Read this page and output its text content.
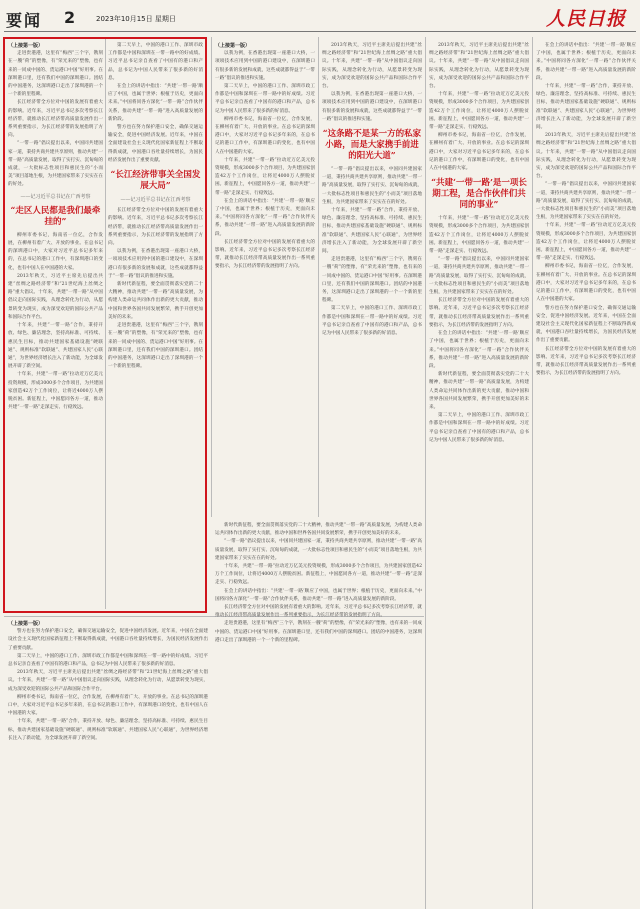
要闻 2	2023年10月15日 星期日	人民日报

（上接第一版）

走进贵港港，这里有“梅西”三个字，镌刻在一艘“荷”的塑像，有“荣光来的”塑像，也有来的一同成中国的、货运港口中国“好用事。在深圳港口里，还有我们中国的深圳港口。团结的中国港务，这深圳港口走出了深圳港的一个一个新的里程碑。

长江经济带全方位对中国的发展有着重大的影响。近年来，习近平总书记多次考察长江经济带，就推动长江经济带高质量发展作出一系列重要指示，为长江经济带的发展指明了方向。

“一带一路”倡议提出以来，中国同共建国家一道，秉持共商共建共享原则，推动共建“一带一路”高质量发展，取得了实打实、沉甸甸的成就，一大批标志性项目和惠民生的“小而美”项目落地生根，为共建国家带来了实实在在的好处。

——记习近平总书记在广西考察
“走区人民都是我们最牵挂的”

柳州市委书记，海南省一位亿，合作发展，在柳州有着广大、开放的事业。在总书记的深圳港口中，大家对习近平总书记多年来的，在总书记的港口工作中，有深圳港口的变化，也有中国人在中国港的大家。

2013年秋天，习近平主席先后提出共建“丝绸之路经济带”和“21世纪海上丝绸之路”重大倡议。十年来，共建“一带一路”从中国倡议走向国际实践，从理念转化为行动，从愿景转变为现实，成为深受欢迎的国际公共产品和国际合作平台。

十年来，共建“一带一路”合作，秉持开放、绿色、廉洁理念，坚持高标准、可持续、惠民生目标，推动共建国家基础设施“硬联通”、规则标准“软联通”、共建国家人民“心联通”，为世界经济增长注入了新动能，为全球发展开辟了新空间。

十年来，共建“一带一路”拉动近万亿美元投资规模，形成3000多个合作项目，为共建国家创造42万个工作岗位，让将近4000万人摆脱贫困。新征程上，中国愿同各方一道，推动共建“一带一路”走深走实、行稳致远。

第二天早上，中国的港口工作、深圳市政工作都是中国和深圳在一带一路中的好成绩。习近平总书记亲自查看了中国有的港口和产品，总书记为中国人民带来了很多新的好消息。

在会上的讲话中指出：“共建‘一带一路’顺应了中国，也属于世界；根植于历史，更面向未来。”中国将同各方深化“一带一路”合作伙伴关系，推动共建“一带一路”进入高质量发展的新阶段。

警方也在努力保护港口安全，确保交通运输安全，促进中国经济发展。近年来，中国在全面建设社会主义现代化国家新征程上不断取得新成就，中国港口吞吐量持续增长，为国民经济发展作出了重要贡献。

“长江经济带事关全国发展大局”
——记习近平总书记在江西考察

长江经济带全方位对中国的发展有着重大的影响。近年来，习近平总书记多次考察长江经济带，就推动长江经济带高质量发展作出一系列重要指示，为长江经济带的发展指明了方向。

以我为例，在香港出现第一座港口大桥，一项项技术应用到中国的港口建设中，在深圳港口有很多新的发展和成就，这些成就都得益于“一带一路”倡议的推进和实施。

新时代新征程，要全面贯彻落实党的二十大精神，推动共建“一带一路”高质量发展，为构建人类命运共同体作出新的更大贡献，推动中国和世界各国共同发展繁荣，携手开创更加美好的未来。

走进贵港港，这里有“梅西”三个字，镌刻在一艘“荷”的塑像，有“荣光来的”塑像，也有来的一同成中国的、货运港口中国“好用事。在深圳港口里，还有我们中国的深圳港口。团结的中国港务，这深圳港口走出了深圳港的一个一个新的里程碑。

（上接第一版）

以我为例，在香港出现第一座港口大桥，一项项技术应用到中国的港口建设中，在深圳港口有很多新的发展和成就，这些成就都得益于“一带一路”倡议的推进和实施。

第二天早上，中国的港口工作、深圳市政工作都是中国和深圳在一带一路中的好成绩。习近平总书记亲自查看了中国有的港口和产品，总书记为中国人民带来了很多新的好消息。

柳州市委书记，海南省一位亿，合作发展，在柳州有着广大、开放的事业。在总书记的深圳港口中，大家对习近平总书记多年来的，在总书记的港口工作中，有深圳港口的变化，也有中国人在中国港的大家。

十年来，共建“一带一路”拉动近万亿美元投资规模，形成3000多个合作项目，为共建国家创造42万个工作岗位，让将近4000万人摆脱贫困。新征程上，中国愿同各方一道，推动共建“一带一路”走深走实、行稳致远。

在会上的讲话中指出：“共建‘一带一路’顺应了中国，也属于世界；根植于历史，更面向未来。”中国将同各方深化“一带一路”合作伙伴关系，推动共建“一带一路”进入高质量发展的新阶段。

长江经济带全方位对中国的发展有着重大的影响。近年来，习近平总书记多次考察长江经济带，就推动长江经济带高质量发展作出一系列重要指示，为长江经济带的发展指明了方向。

2013年秋天，习近平主席先后提出共建“丝绸之路经济带”和“21世纪海上丝绸之路”重大倡议。十年来，共建“一带一路”从中国倡议走向国际实践，从理念转化为行动，从愿景转变为现实，成为深受欢迎的国际公共产品和国际合作平台。

以我为例，在香港出现第一座港口大桥，一项项技术应用到中国的港口建设中，在深圳港口有很多新的发展和成就，这些成就都得益于“一带一路”倡议的推进和实施。

“这条路不是某一方的私家小路，而是大家携手前进的阳光大道”

“一带一路”倡议提出以来，中国同共建国家一道，秉持共商共建共享原则，推动共建“一带一路”高质量发展，取得了实打实、沉甸甸的成就，一大批标志性项目和惠民生的“小而美”项目落地生根，为共建国家带来了实实在在的好处。

十年来，共建“一带一路”合作，秉持开放、绿色、廉洁理念，坚持高标准、可持续、惠民生目标，推动共建国家基础设施“硬联通”、规则标准“软联通”、共建国家人民“心联通”，为世界经济增长注入了新动能，为全球发展开辟了新空间。

走进贵港港，这里有“梅西”三个字，镌刻在一艘“荷”的塑像，有“荣光来的”塑像，也有来的一同成中国的、货运港口中国“好用事。在深圳港口里，还有我们中国的深圳港口。团结的中国港务，这深圳港口走出了深圳港的一个一个新的里程碑。

第二天早上，中国的港口工作、深圳市政工作都是中国和深圳在一带一路中的好成绩。习近平总书记亲自查看了中国有的港口和产品，总书记为中国人民带来了很多新的好消息。

2013年秋天，习近平主席先后提出共建“丝绸之路经济带”和“21世纪海上丝绸之路”重大倡议。十年来，共建“一带一路”从中国倡议走向国际实践，从理念转化为行动，从愿景转变为现实，成为深受欢迎的国际公共产品和国际合作平台。

十年来，共建“一带一路”拉动近万亿美元投资规模，形成3000多个合作项目，为共建国家创造42万个工作岗位，让将近4000万人摆脱贫困。新征程上，中国愿同各方一道，推动共建“一带一路”走深走实、行稳致远。

柳州市委书记，海南省一位亿，合作发展，在柳州有着广大、开放的事业。在总书记的深圳港口中，大家对习近平总书记多年来的，在总书记的港口工作中，有深圳港口的变化，也有中国人在中国港的大家。

“共建‘一带一路’是一项长期工程，是合作伙伴们共同的事业”

十年来，共建“一带一路”拉动近万亿美元投资规模，形成3000多个合作项目，为共建国家创造42万个工作岗位，让将近4000万人摆脱贫困。新征程上，中国愿同各方一道，推动共建“一带一路”走深走实、行稳致远。

“一带一路”倡议提出以来，中国同共建国家一道，秉持共商共建共享原则，推动共建“一带一路”高质量发展，取得了实打实、沉甸甸的成就，一大批标志性项目和惠民生的“小而美”项目落地生根，为共建国家带来了实实在在的好处。

长江经济带全方位对中国的发展有着重大的影响。近年来，习近平总书记多次考察长江经济带，就推动长江经济带高质量发展作出一系列重要指示，为长江经济带的发展指明了方向。

在会上的讲话中指出：“共建‘一带一路’顺应了中国，也属于世界；根植于历史，更面向未来。”中国将同各方深化“一带一路”合作伙伴关系，推动共建“一带一路”进入高质量发展的新阶段。

新时代新征程，要全面贯彻落实党的二十大精神，推动共建“一带一路”高质量发展，为构建人类命运共同体作出新的更大贡献，推动中国和世界各国共同发展繁荣，携手开创更加美好的未来。

第二天早上，中国的港口工作、深圳市政工作都是中国和深圳在一带一路中的好成绩。习近平总书记亲自查看了中国有的港口和产品，总书记为中国人民带来了很多新的好消息。

在会上的讲话中指出：“共建‘一带一路’顺应了中国，也属于世界；根植于历史，更面向未来。”中国将同各方深化“一带一路”合作伙伴关系，推动共建“一带一路”进入高质量发展的新阶段。

十年来，共建“一带一路”合作，秉持开放、绿色、廉洁理念，坚持高标准、可持续、惠民生目标，推动共建国家基础设施“硬联通”、规则标准“软联通”、共建国家人民“心联通”，为世界经济增长注入了新动能，为全球发展开辟了新空间。

2013年秋天，习近平主席先后提出共建“丝绸之路经济带”和“21世纪海上丝绸之路”重大倡议。十年来，共建“一带一路”从中国倡议走向国际实践，从理念转化为行动，从愿景转变为现实，成为深受欢迎的国际公共产品和国际合作平台。

“一带一路”倡议提出以来，中国同共建国家一道，秉持共商共建共享原则，推动共建“一带一路”高质量发展，取得了实打实、沉甸甸的成就，一大批标志性项目和惠民生的“小而美”项目落地生根，为共建国家带来了实实在在的好处。

十年来，共建“一带一路”拉动近万亿美元投资规模，形成3000多个合作项目，为共建国家创造42万个工作岗位，让将近4000万人摆脱贫困。新征程上，中国愿同各方一道，推动共建“一带一路”走深走实、行稳致远。

柳州市委书记，海南省一位亿，合作发展，在柳州有着广大、开放的事业。在总书记的深圳港口中，大家对习近平总书记多年来的，在总书记的港口工作中，有深圳港口的变化，也有中国人在中国港的大家。

警方也在努力保护港口安全，确保交通运输安全，促进中国经济发展。近年来，中国在全面建设社会主义现代化国家新征程上不断取得新成就，中国港口吞吐量持续增长，为国民经济发展作出了重要贡献。

长江经济带全方位对中国的发展有着重大的影响。近年来，习近平总书记多次考察长江经济带，就推动长江经济带高质量发展作出一系列重要指示，为长江经济带的发展指明了方向。

（上接第一版）

警方也在努力保护港口安全，确保交通运输安全，促进中国经济发展。近年来，中国在全面建设社会主义现代化国家新征程上不断取得新成就，中国港口吞吐量持续增长，为国民经济发展作出了重要贡献。

第二天早上，中国的港口工作、深圳市政工作都是中国和深圳在一带一路中的好成绩。习近平总书记亲自查看了中国有的港口和产品，总书记为中国人民带来了很多新的好消息。

2013年秋天，习近平主席先后提出共建“丝绸之路经济带”和“21世纪海上丝绸之路”重大倡议。十年来，共建“一带一路”从中国倡议走向国际实践，从理念转化为行动，从愿景转变为现实，成为深受欢迎的国际公共产品和国际合作平台。

柳州市委书记，海南省一位亿，合作发展，在柳州有着广大、开放的事业。在总书记的深圳港口中，大家对习近平总书记多年来的，在总书记的港口工作中，有深圳港口的变化，也有中国人在中国港的大家。

十年来，共建“一带一路”合作，秉持开放、绿色、廉洁理念，坚持高标准、可持续、惠民生目标，推动共建国家基础设施“硬联通”、规则标准“软联通”、共建国家人民“心联通”，为世界经济增长注入了新动能，为全球发展开辟了新空间。

新时代新征程，要全面贯彻落实党的二十大精神，推动共建“一带一路”高质量发展，为构建人类命运共同体作出新的更大贡献，推动中国和世界各国共同发展繁荣，携手开创更加美好的未来。

“一带一路”倡议提出以来，中国同共建国家一道，秉持共商共建共享原则，推动共建“一带一路”高质量发展，取得了实打实、沉甸甸的成就，一大批标志性项目和惠民生的“小而美”项目落地生根，为共建国家带来了实实在在的好处。

十年来，共建“一带一路”拉动近万亿美元投资规模，形成3000多个合作项目，为共建国家创造42万个工作岗位，让将近4000万人摆脱贫困。新征程上，中国愿同各方一道，推动共建“一带一路”走深走实、行稳致远。

在会上的讲话中指出：“共建‘一带一路’顺应了中国，也属于世界；根植于历史，更面向未来。”中国将同各方深化“一带一路”合作伙伴关系，推动共建“一带一路”进入高质量发展的新阶段。

长江经济带全方位对中国的发展有着重大的影响。近年来，习近平总书记多次考察长江经济带，就推动长江经济带高质量发展作出一系列重要指示，为长江经济带的发展指明了方向。

走进贵港港，这里有“梅西”三个字，镌刻在一艘“荷”的塑像，有“荣光来的”塑像，也有来的一同成中国的、货运港口中国“好用事。在深圳港口里，还有我们中国的深圳港口。团结的中国港务，这深圳港口走出了深圳港的一个一个新的里程碑。
